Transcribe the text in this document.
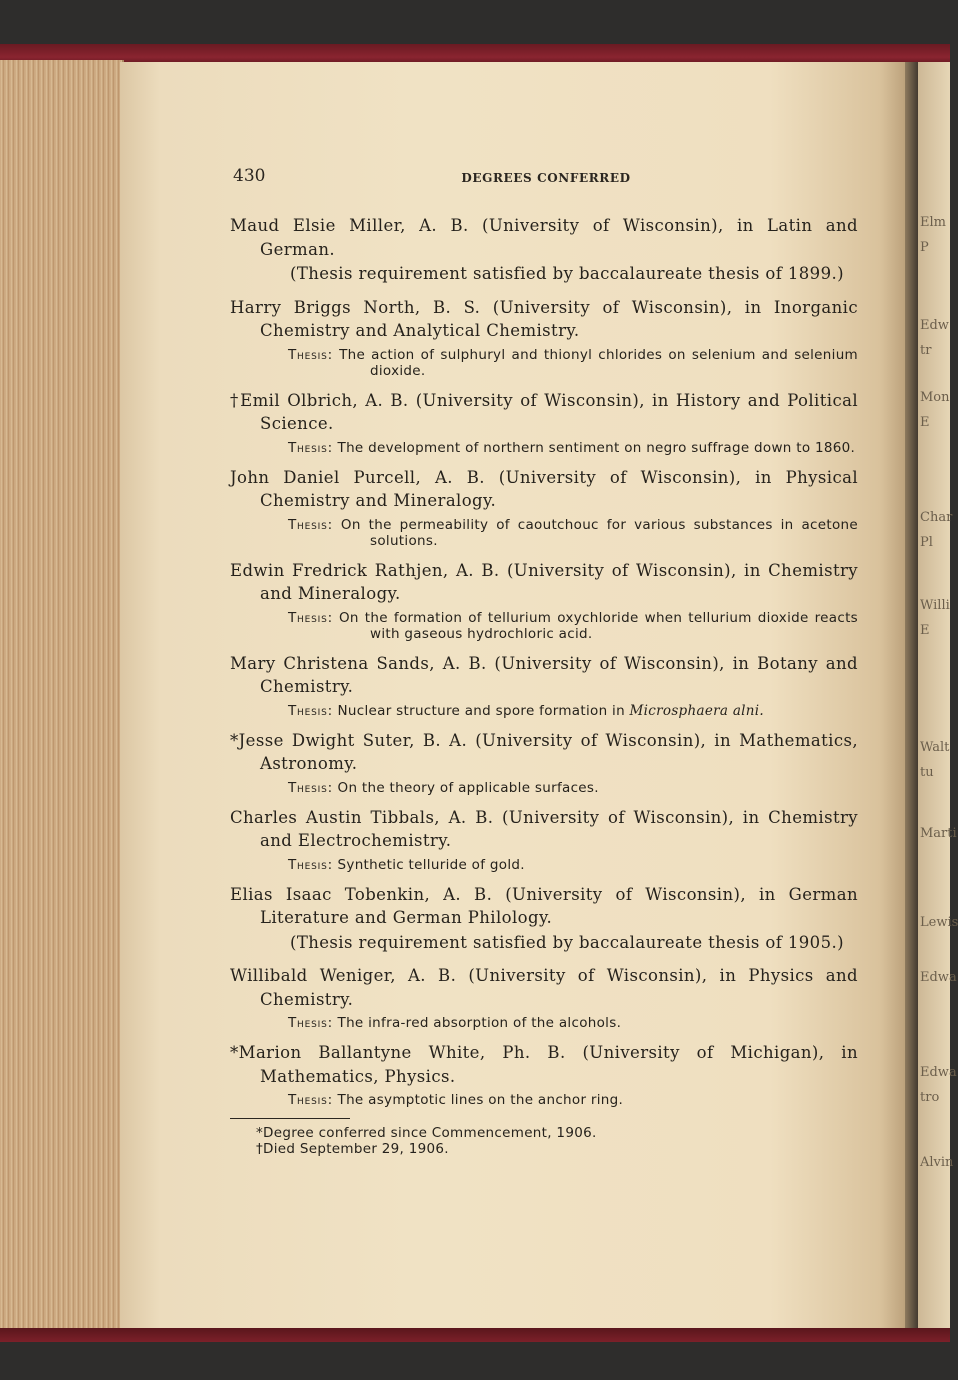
Elm
P
Edw
tr
Mon
E
Char
Pl
Willi
E
Walt
tu
Marti
Lewis
Edwa
Edwa
tro
Alvin
430	DEGREES CONFERRED
Maud Elsie Miller, A. B. (University of Wisconsin), in Latin and German.
(Thesis requirement satisfied by baccalaureate thesis of 1899.)
Harry Briggs North, B. S. (University of Wisconsin), in Inorganic Chemistry and Analytical Chemistry.
Thesis: The action of sulphuryl and thionyl chlorides on selenium and selenium dioxide.
†Emil Olbrich, A. B. (University of Wisconsin), in History and Political Science.
Thesis: The development of northern sentiment on negro suffrage down to 1860.
John Daniel Purcell, A. B. (University of Wisconsin), in Physical Chemistry and Mineralogy.
Thesis: On the permeability of caoutchouc for various substances in acetone solutions.
Edwin Fredrick Rathjen, A. B. (University of Wisconsin), in Chemistry and Mineralogy.
Thesis: On the formation of tellurium oxychloride when tellurium dioxide reacts with gaseous hydrochloric acid.
Mary Christena Sands, A. B. (University of Wisconsin), in Botany and Chemistry.
Thesis: Nuclear structure and spore formation in Microsphaera alni.
*Jesse Dwight Suter, B. A. (University of Wisconsin), in Mathematics, Astronomy.
Thesis: On the theory of applicable surfaces.
Charles Austin Tibbals, A. B. (University of Wisconsin), in Chemistry and Electrochemistry.
Thesis: Synthetic telluride of gold.
Elias Isaac Tobenkin, A. B. (University of Wisconsin), in German Literature and German Philology.
(Thesis requirement satisfied by baccalaureate thesis of 1905.)
Willibald Weniger, A. B. (University of Wisconsin), in Physics and Chemistry.
Thesis: The infra-red absorption of the alcohols.
*Marion Ballantyne White, Ph. B. (University of Michigan), in Mathematics, Physics.
Thesis: The asymptotic lines on the anchor ring.
*Degree conferred since Commencement, 1906.
†Died September 29, 1906.
